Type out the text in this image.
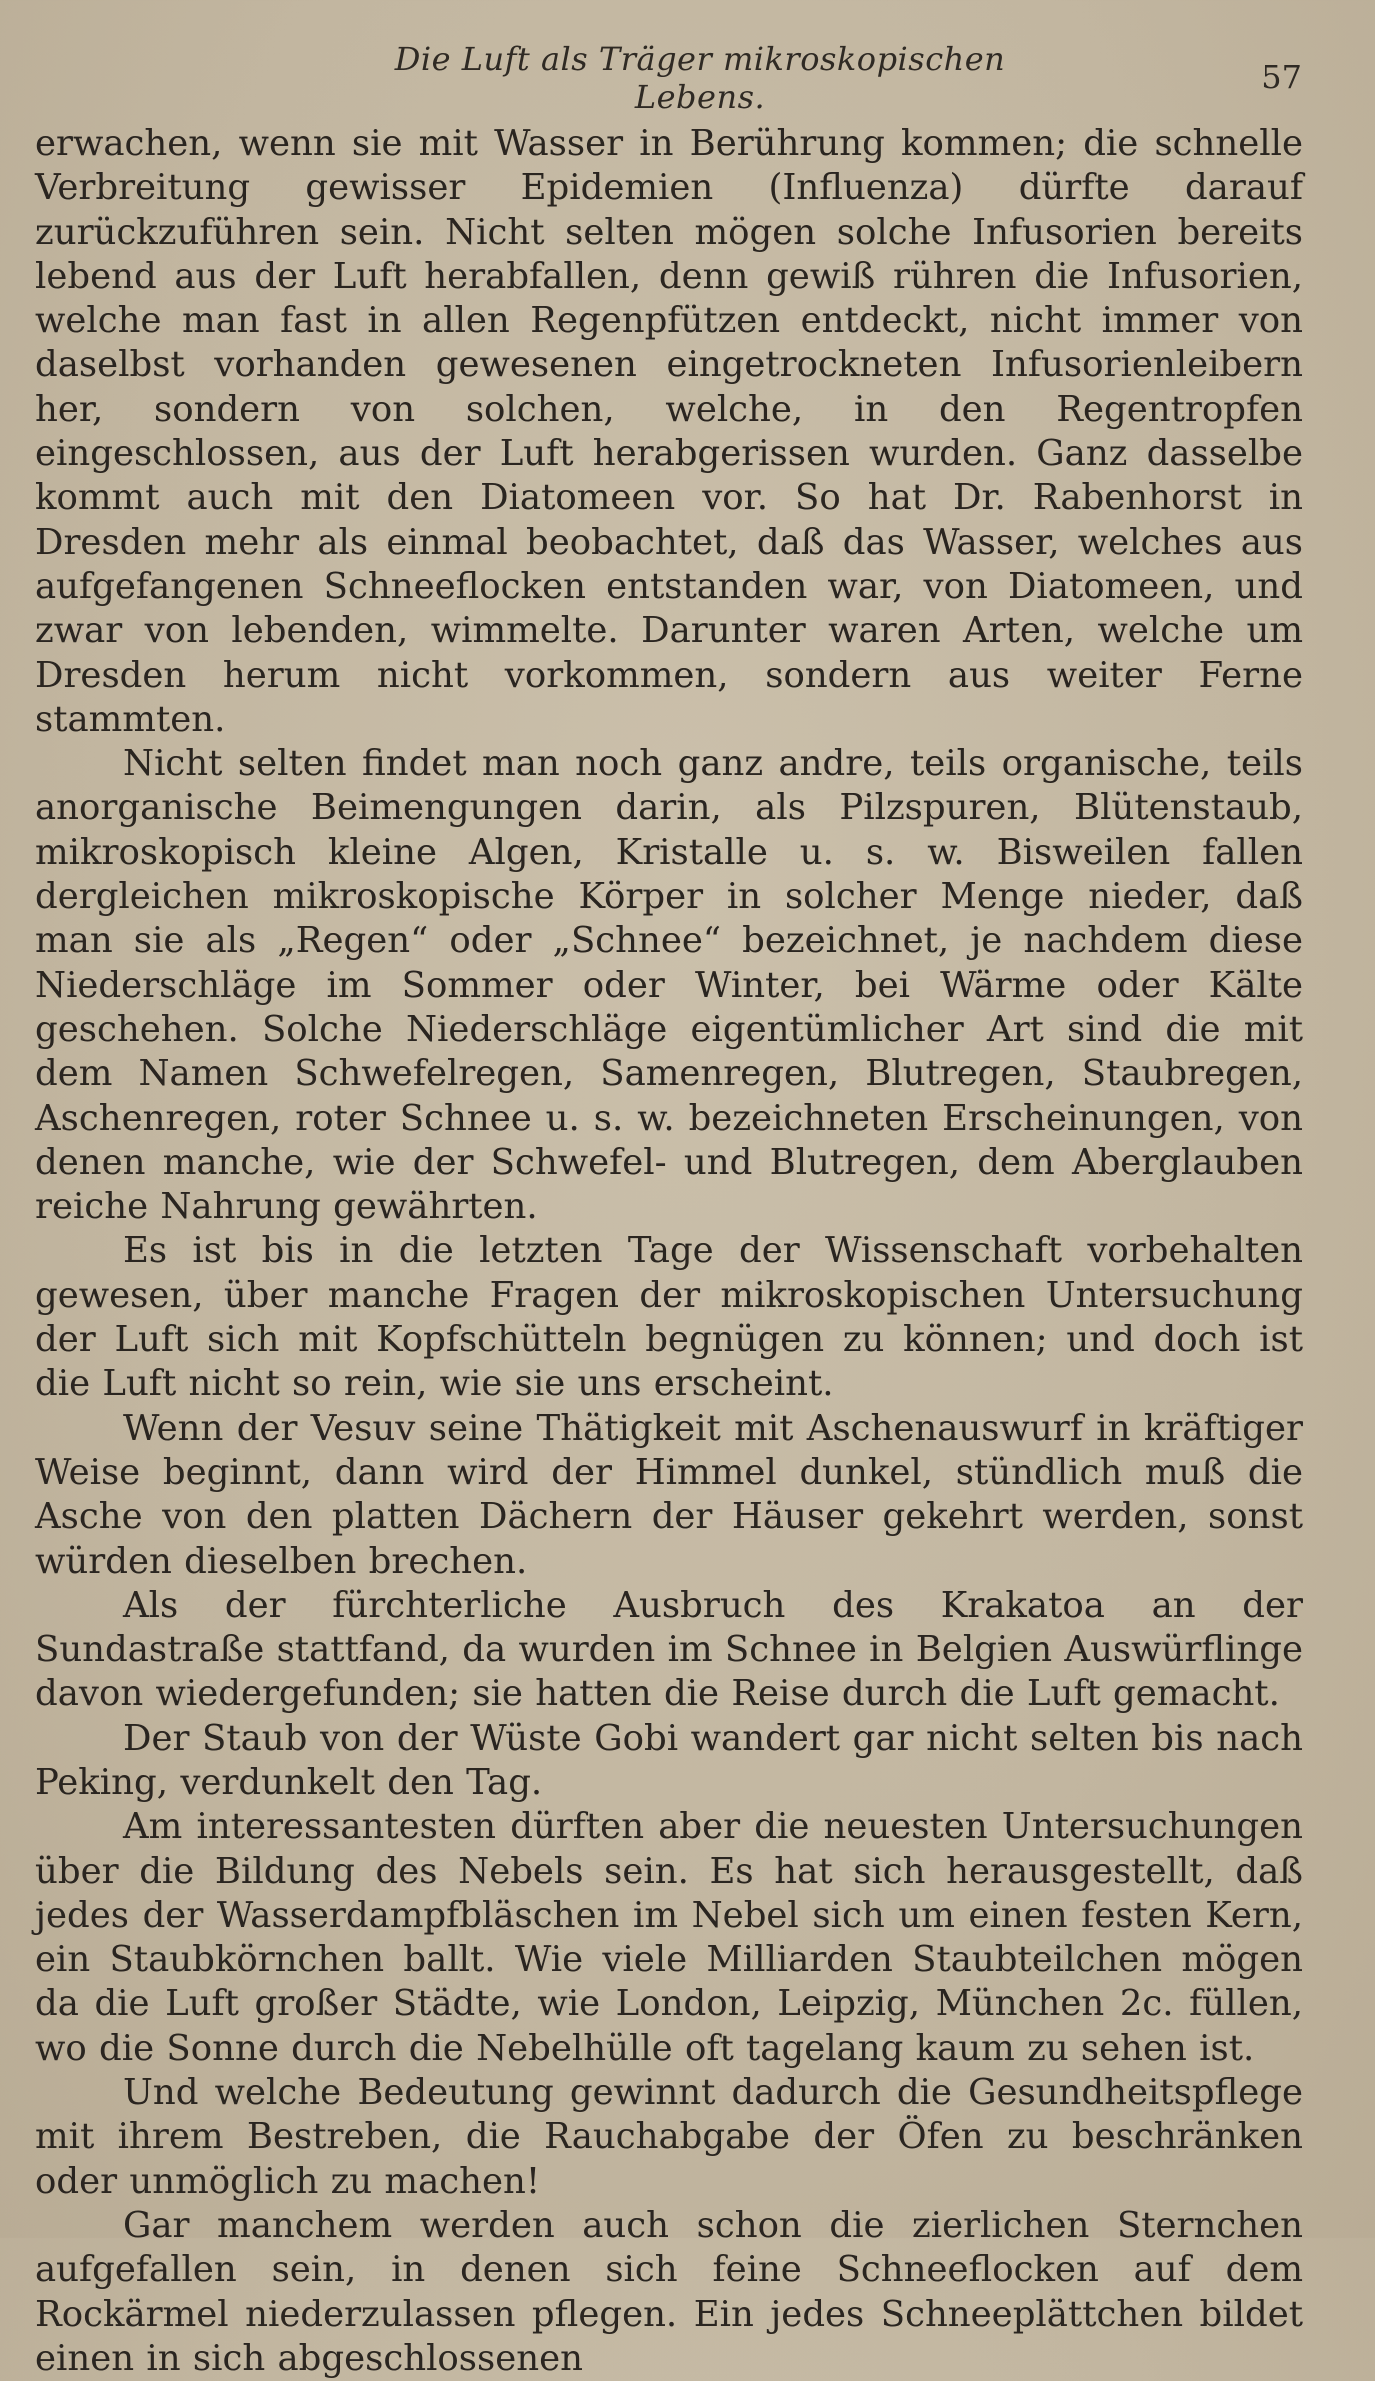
Die Luft als Träger mikroskopischen Lebens.
57

erwachen, wenn sie mit Wasser in Berührung kommen; die schnelle Verbreitung gewisser Epidemien (Influenza) dürfte darauf zurückzuführen sein. Nicht selten mögen solche Infusorien bereits lebend aus der Luft herabfallen, denn gewiß rühren die Infusorien, welche man fast in allen Regenpfützen entdeckt, nicht immer von daselbst vorhanden gewesenen eingetrockneten Infusorienleibern her, sondern von solchen, welche, in den Regentropfen eingeschlossen, aus der Luft herabgerissen wurden. Ganz dasselbe kommt auch mit den Diatomeen vor. So hat Dr. Rabenhorst in Dresden mehr als einmal beobachtet, daß das Wasser, welches aus aufgefangenen Schneeflocken entstanden war, von Diatomeen, und zwar von lebenden, wimmelte. Darunter waren Arten, welche um Dresden herum nicht vorkommen, sondern aus weiter Ferne stammten.

Nicht selten findet man noch ganz andre, teils organische, teils anorganische Beimengungen darin, als Pilzspuren, Blütenstaub, mikroskopisch kleine Algen, Kristalle u. s. w. Bisweilen fallen dergleichen mikroskopische Körper in solcher Menge nieder, daß man sie als „Regen“ oder „Schnee“ bezeichnet, je nachdem diese Niederschläge im Sommer oder Winter, bei Wärme oder Kälte geschehen. Solche Niederschläge eigentümlicher Art sind die mit dem Namen Schwefelregen, Samenregen, Blutregen, Staubregen, Aschenregen, roter Schnee u. s. w. bezeichneten Erscheinungen, von denen manche, wie der Schwefel- und Blutregen, dem Aberglauben reiche Nahrung gewährten.

Es ist bis in die letzten Tage der Wissenschaft vorbehalten gewesen, über manche Fragen der mikroskopischen Untersuchung der Luft sich mit Kopfschütteln begnügen zu können; und doch ist die Luft nicht so rein, wie sie uns erscheint.

Wenn der Vesuv seine Thätigkeit mit Aschenauswurf in kräftiger Weise beginnt, dann wird der Himmel dunkel, stündlich muß die Asche von den platten Dächern der Häuser gekehrt werden, sonst würden dieselben brechen.

Als der fürchterliche Ausbruch des Krakatoa an der Sundastraße stattfand, da wurden im Schnee in Belgien Auswürflinge davon wiedergefunden; sie hatten die Reise durch die Luft gemacht.

Der Staub von der Wüste Gobi wandert gar nicht selten bis nach Peking, verdunkelt den Tag.

Am interessantesten dürften aber die neuesten Untersuchungen über die Bildung des Nebels sein. Es hat sich herausgestellt, daß jedes der Wasserdampfbläschen im Nebel sich um einen festen Kern, ein Staubkörnchen ballt. Wie viele Milliarden Staubteilchen mögen da die Luft großer Städte, wie London, Leipzig, München 2c. füllen, wo die Sonne durch die Nebelhülle oft tagelang kaum zu sehen ist.

Und welche Bedeutung gewinnt dadurch die Gesundheitspflege mit ihrem Bestreben, die Rauchabgabe der Öfen zu beschränken oder unmöglich zu machen!

Gar manchem werden auch schon die zierlichen Sternchen aufgefallen sein, in denen sich feine Schneeflocken auf dem Rockärmel niederzulassen pflegen. Ein jedes Schneeplättchen bildet einen in sich abgeschlossenen
